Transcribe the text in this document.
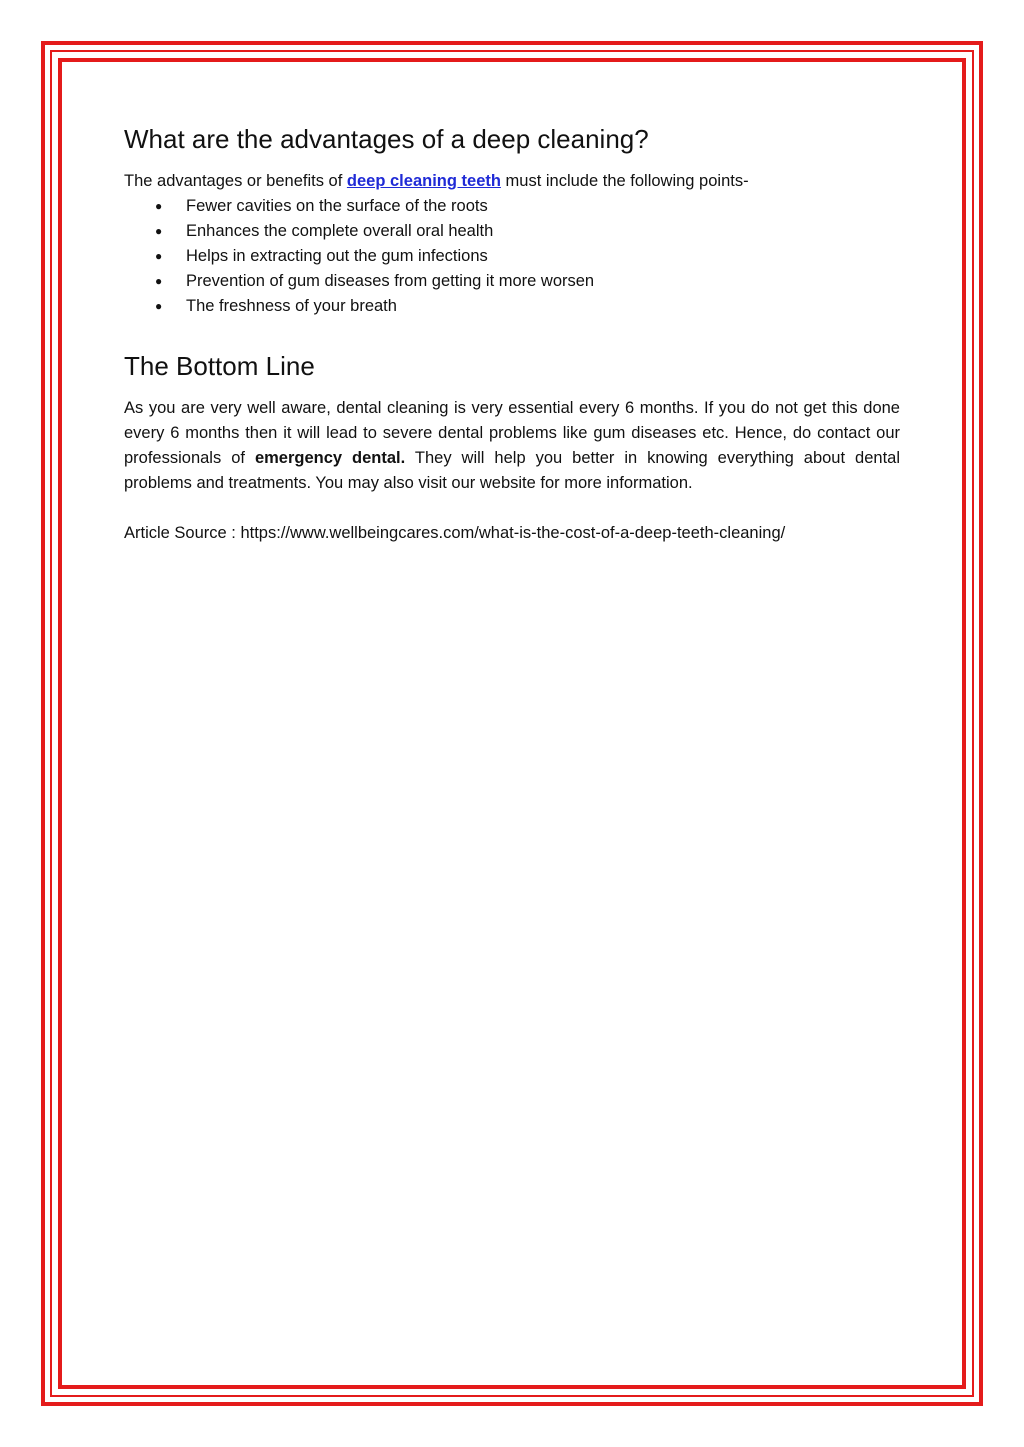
What are the advantages of a deep cleaning?

The advantages or benefits of deep cleaning teeth must include the following points-

● Fewer cavities on the surface of the roots
● Enhances the complete overall oral health
● Helps in extracting out the gum infections
● Prevention of gum diseases from getting it more worsen
● The freshness of your breath
The Bottom Line

As you are very well aware, dental cleaning is very essential every 6 months. If you do not get this done every 6 months then it will lead to severe dental problems like gum diseases etc. Hence, do contact our professionals of emergency dental. They will help you better in knowing everything about dental problems and treatments. You may also visit our website for more information.

Article Source : https://www.wellbeingcares.com/what-is-the-cost-of-a-deep-teeth-cleaning/
